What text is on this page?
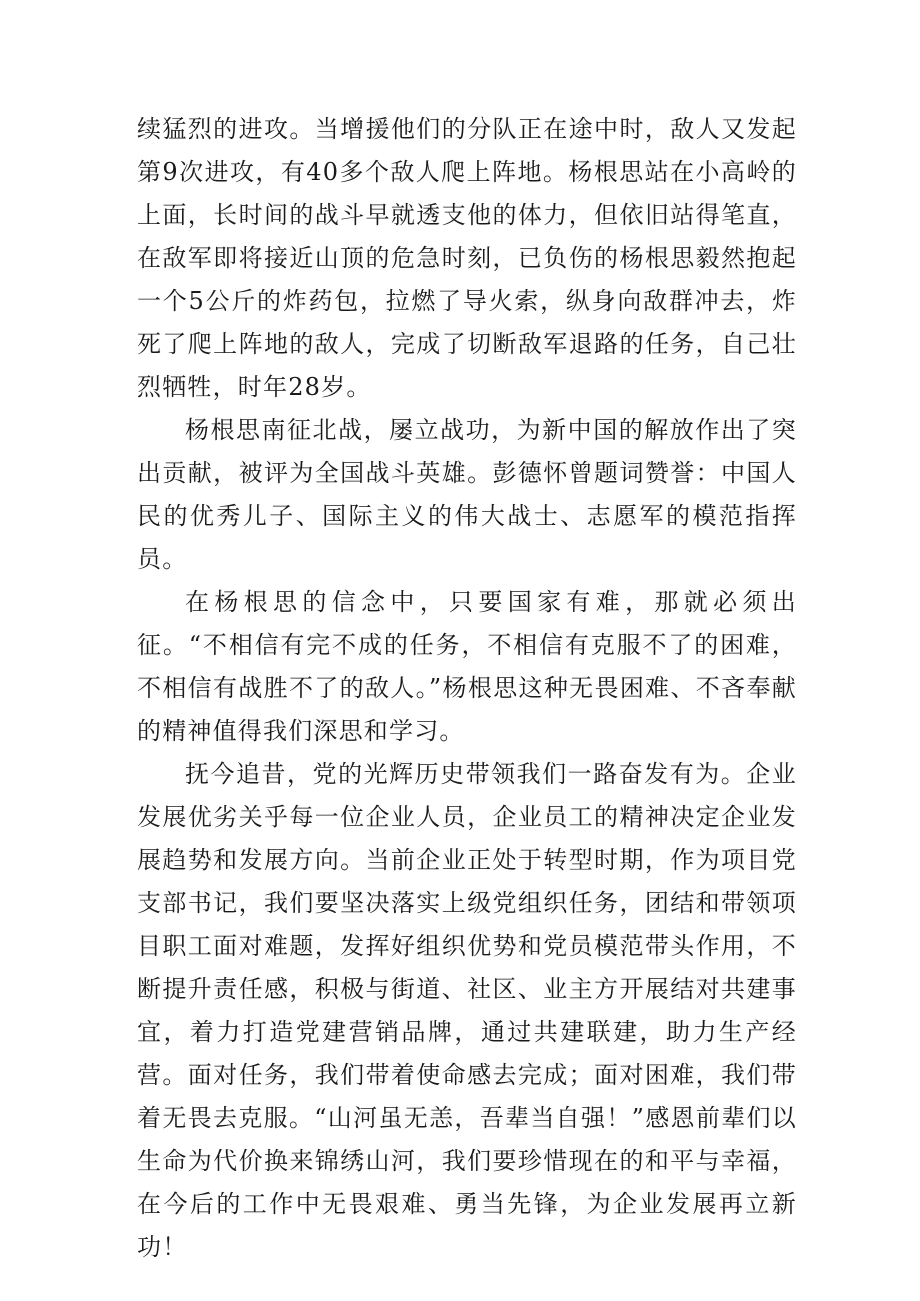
续猛烈的进攻。当增援他们的分队正在途中时，敌人又发起第9次进攻，有40多个敌人爬上阵地。杨根思站在小高岭的上面，长时间的战斗早就透支他的体力，但依旧站得笔直，在敌军即将接近山顶的危急时刻，已负伤的杨根思毅然抱起一个5公斤的炸药包，拉燃了导火索，纵身向敌群冲去，炸死了爬上阵地的敌人，完成了切断敌军退路的任务，自己壮烈牺牲，时年28岁。

杨根思南征北战，屡立战功，为新中国的解放作出了突出贡献，被评为全国战斗英雄。彭德怀曾题词赞誉：中国人民的优秀儿子、国际主义的伟大战士、志愿军的模范指挥员。

在杨根思的信念中，只要国家有难，那就必须出征。“不相信有完不成的任务，不相信有克服不了的困难，不相信有战胜不了的敌人。”杨根思这种无畏困难、不吝奉献的精神值得我们深思和学习。

抚今追昔，党的光辉历史带领我们一路奋发有为。企业发展优劣关乎每一位企业人员，企业员工的精神决定企业发展趋势和发展方向。当前企业正处于转型时期，作为项目党支部书记，我们要坚决落实上级党组织任务，团结和带领项目职工面对难题，发挥好组织优势和党员模范带头作用，不断提升责任感，积极与街道、社区、业主方开展结对共建事宜，着力打造党建营销品牌，通过共建联建，助力生产经营。面对任务，我们带着使命感去完成；面对困难，我们带着无畏去克服。“山河虽无恙，吾辈当自强！”感恩前辈们以生命为代价换来锦绣山河，我们要珍惜现在的和平与幸福，在今后的工作中无畏艰难、勇当先锋，为企业发展再立新功！
